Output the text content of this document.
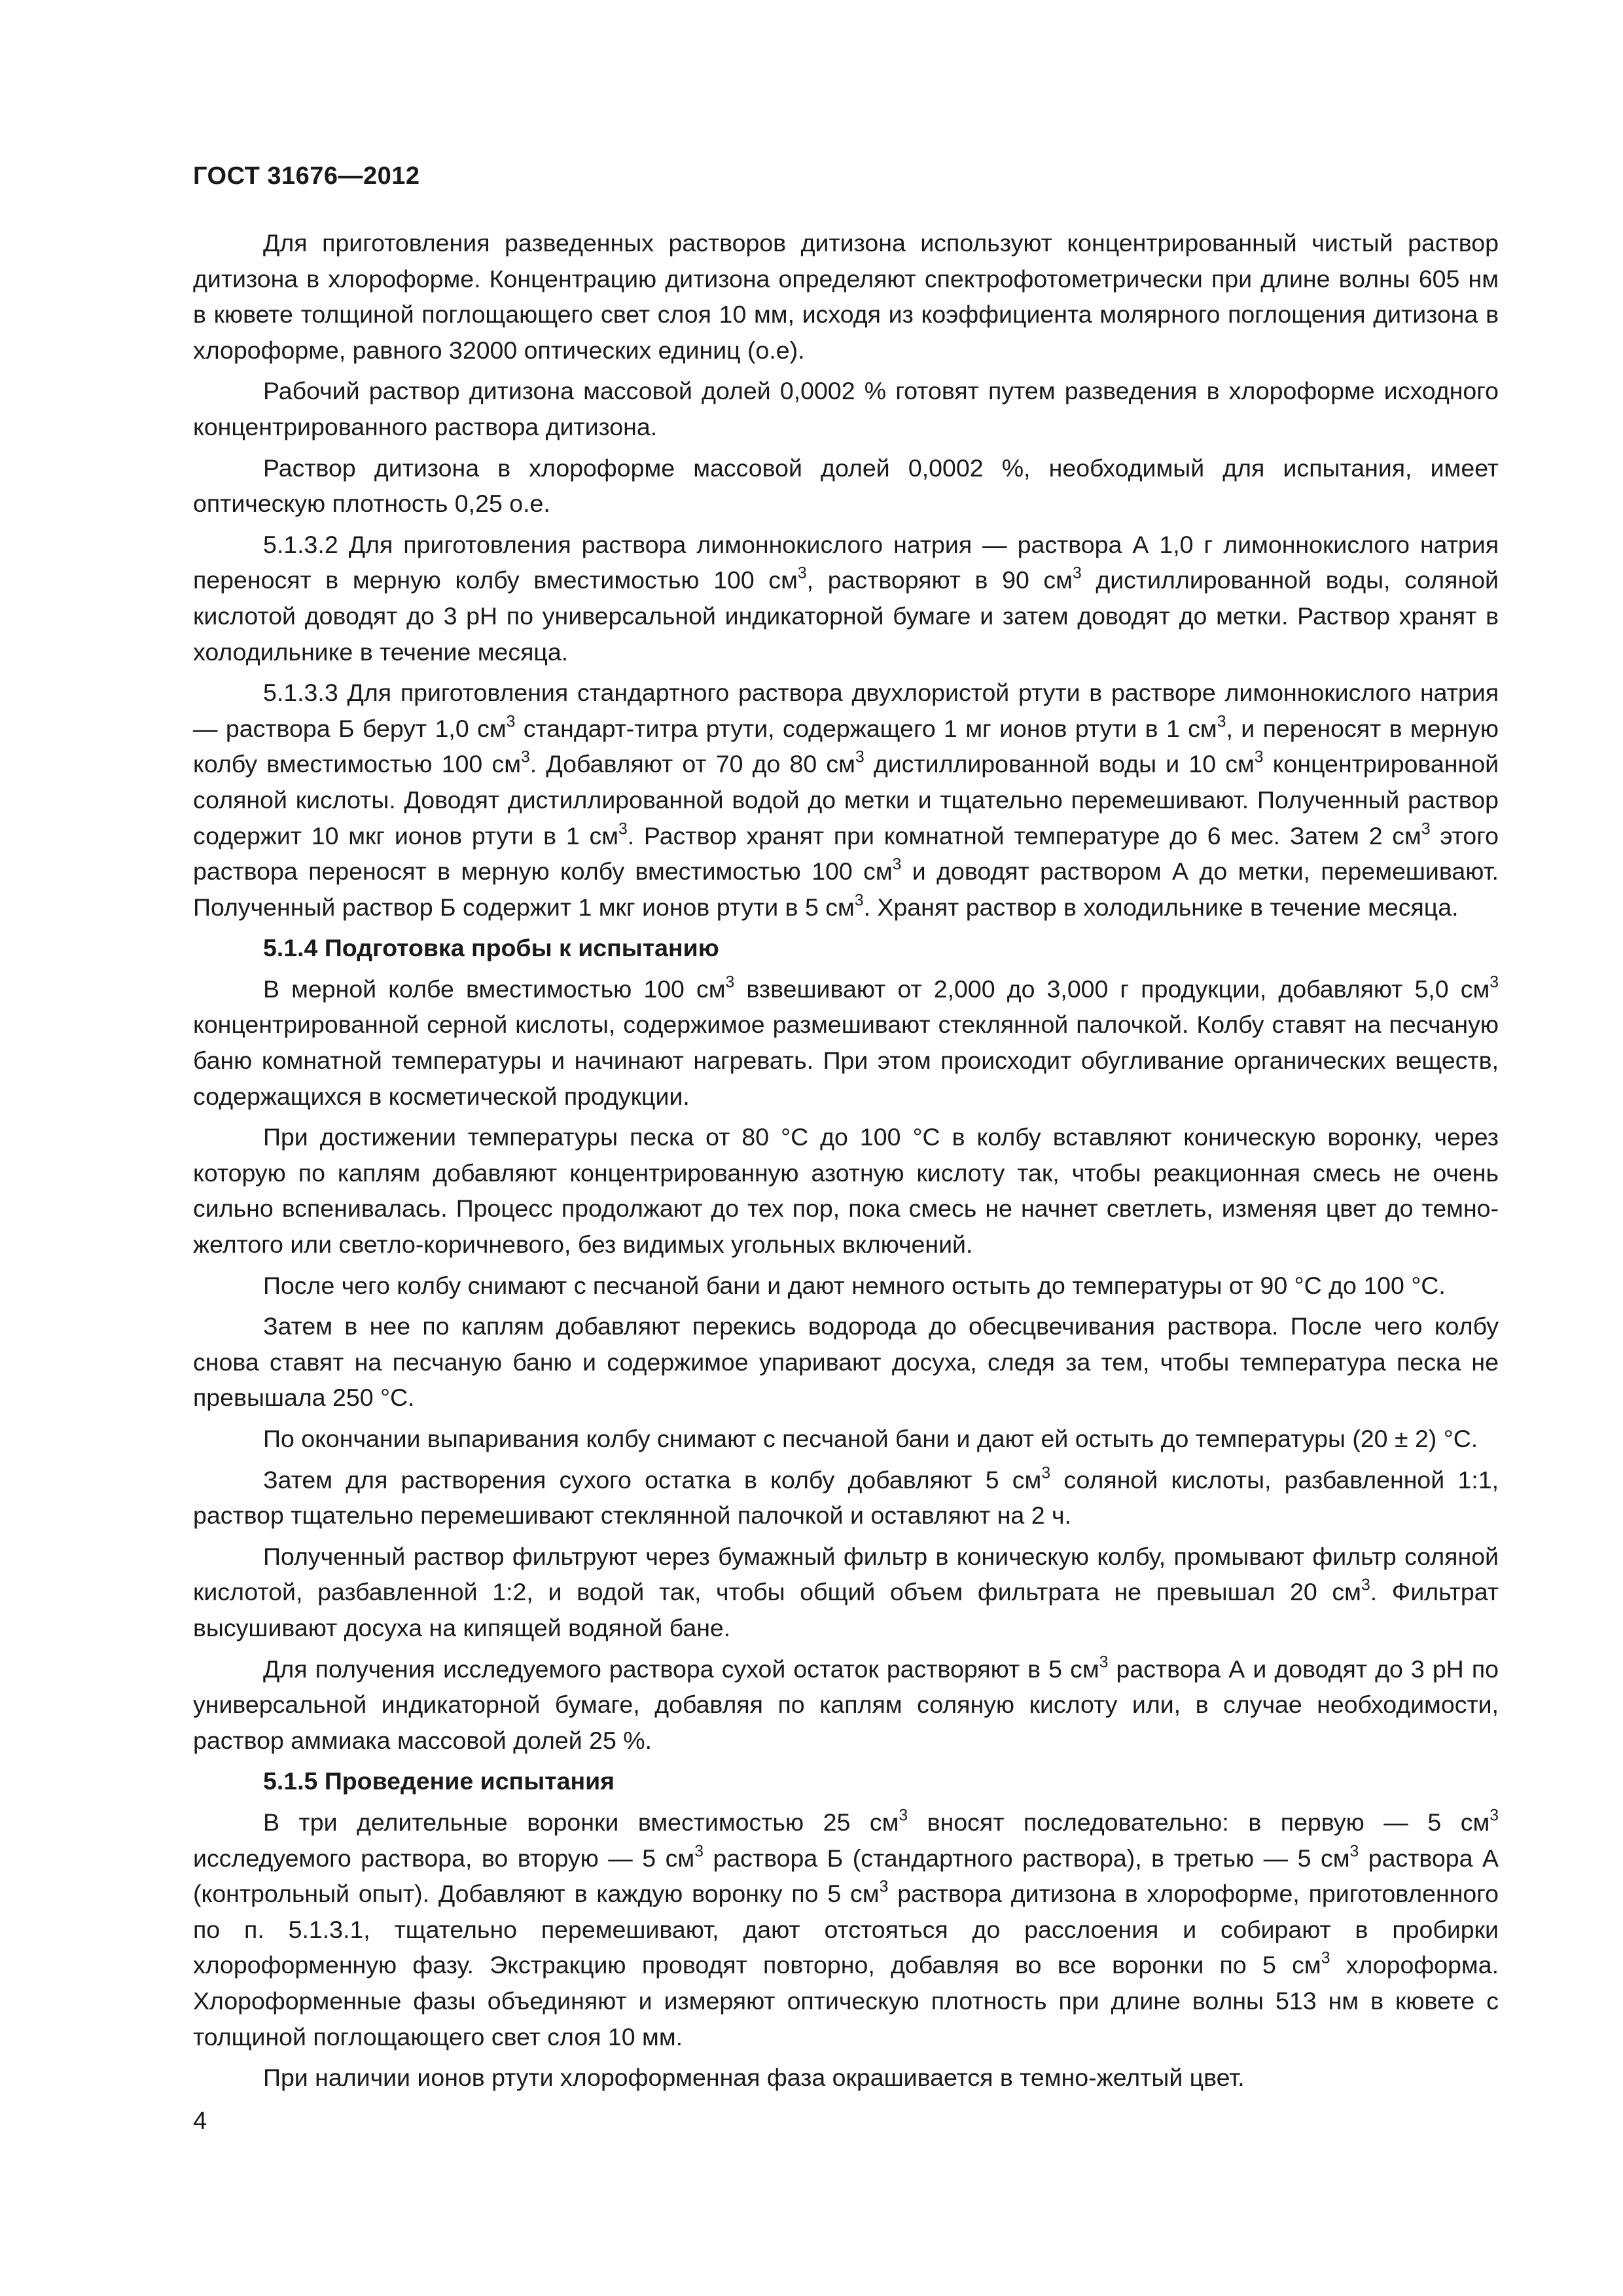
ГОСТ 31676—2012

Для приготовления разведенных растворов дитизона используют концентрированный чистый раствор дитизона в хлороформе. Концентрацию дитизона определяют спектрофотометрически при длине волны 605 нм в кювете толщиной поглощающего свет слоя 10 мм, исходя из коэффициента молярного поглощения дитизона в хлороформе, равного 32000 оптических единиц (о.е).

Рабочий раствор дитизона массовой долей 0,0002 % готовят путем разведения в хлороформе исходного концентрированного раствора дитизона.

Раствор дитизона в хлороформе массовой долей 0,0002 %, необходимый для испытания, имеет оптическую плотность 0,25 о.е.

5.1.3.2 Для приготовления раствора лимоннокислого натрия — раствора А 1,0 г лимоннокислого натрия переносят в мерную колбу вместимостью 100 $см^3$, растворяют в 90 $см^3$ дистиллированной воды, соляной кислотой доводят до 3 рН по универсальной индикаторной бумаге и затем доводят до метки. Раствор хранят в холодильнике в течение месяца.

5.1.3.3 Для приготовления стандартного раствора двухлористой ртути в растворе лимоннокислого натрия — раствора Б берут 1,0 $см^3$ стандарт-титра ртути, содержащего 1 мг ионов ртути в 1 $см^3$, и переносят в мерную колбу вместимостью 100 $см^3$. Добавляют от 70 до 80 $см^3$ дистиллированной воды и 10 $см^3$ концентрированной соляной кислоты. Доводят дистиллированной водой до метки и тщательно перемешивают. Полученный раствор содержит 10 мкг ионов ртути в 1 $см^3$. Раствор хранят при комнатной температуре до 6 мес. Затем 2 $см^3$ этого раствора переносят в мерную колбу вместимостью 100 $см^3$ и доводят раствором А до метки, перемешивают. Полученный раствор Б содержит 1 мкг ионов ртути в 5 $см^3$. Хранят раствор в холодильнике в течение месяца.

5.1.4 Подготовка пробы к испытанию

В мерной колбе вместимостью 100 $см^3$ взвешивают от 2,000 до 3,000 г продукции, добавляют 5,0 $см^3$ концентрированной серной кислоты, содержимое размешивают стеклянной палочкой. Колбу ставят на песчаную баню комнатной температуры и начинают нагревать. При этом происходит обугливание органических веществ, содержащихся в косметической продукции.

При достижении температуры песка от 80 °С до 100 °С в колбу вставляют коническую воронку, через которую по каплям добавляют концентрированную азотную кислоту так, чтобы реакционная смесь не очень сильно вспенивалась. Процесс продолжают до тех пор, пока смесь не начнет светлеть, изменяя цвет до темно-желтого или светло-коричневого, без видимых угольных включений.

После чего колбу снимают с песчаной бани и дают немного остыть до температуры от 90 °С до 100 °С.

Затем в нее по каплям добавляют перекись водорода до обесцвечивания раствора. После чего колбу снова ставят на песчаную баню и содержимое упаривают досуха, следя за тем, чтобы температура песка не превышала 250 °С.

По окончании выпаривания колбу снимают с песчаной бани и дают ей остыть до температуры (20 ± 2) °С.

Затем для растворения сухого остатка в колбу добавляют 5 $см^3$ соляной кислоты, разбавленной 1:1, раствор тщательно перемешивают стеклянной палочкой и оставляют на 2 ч.

Полученный раствор фильтруют через бумажный фильтр в коническую колбу, промывают фильтр соляной кислотой, разбавленной 1:2, и водой так, чтобы общий объем фильтрата не превышал 20 $см^3$. Фильтрат высушивают досуха на кипящей водяной бане.

Для получения исследуемого раствора сухой остаток растворяют в 5 $см^3$ раствора А и доводят до 3 рН по универсальной индикаторной бумаге, добавляя по каплям соляную кислоту или, в случае необходимости, раствор аммиака массовой долей 25 %.

5.1.5 Проведение испытания

В три делительные воронки вместимостью 25 $см^3$ вносят последовательно: в первую — 5 $см^3$ исследуемого раствора, во вторую — 5 $см^3$ раствора Б (стандартного раствора), в третью — 5 $см^3$ раствора А (контрольный опыт). Добавляют в каждую воронку по 5 $см^3$ раствора дитизона в хлороформе, приготовленного по п. 5.1.3.1, тщательно перемешивают, дают отстояться до расслоения и собирают в пробирки хлороформенную фазу. Экстракцию проводят повторно, добавляя во все воронки по 5 $см^3$ хлороформа. Хлороформенные фазы объединяют и измеряют оптическую плотность при длине волны 513 нм в кювете с толщиной поглощающего свет слоя 10 мм.

При наличии ионов ртути хлороформенная фаза окрашивается в темно-желтый цвет.

4
